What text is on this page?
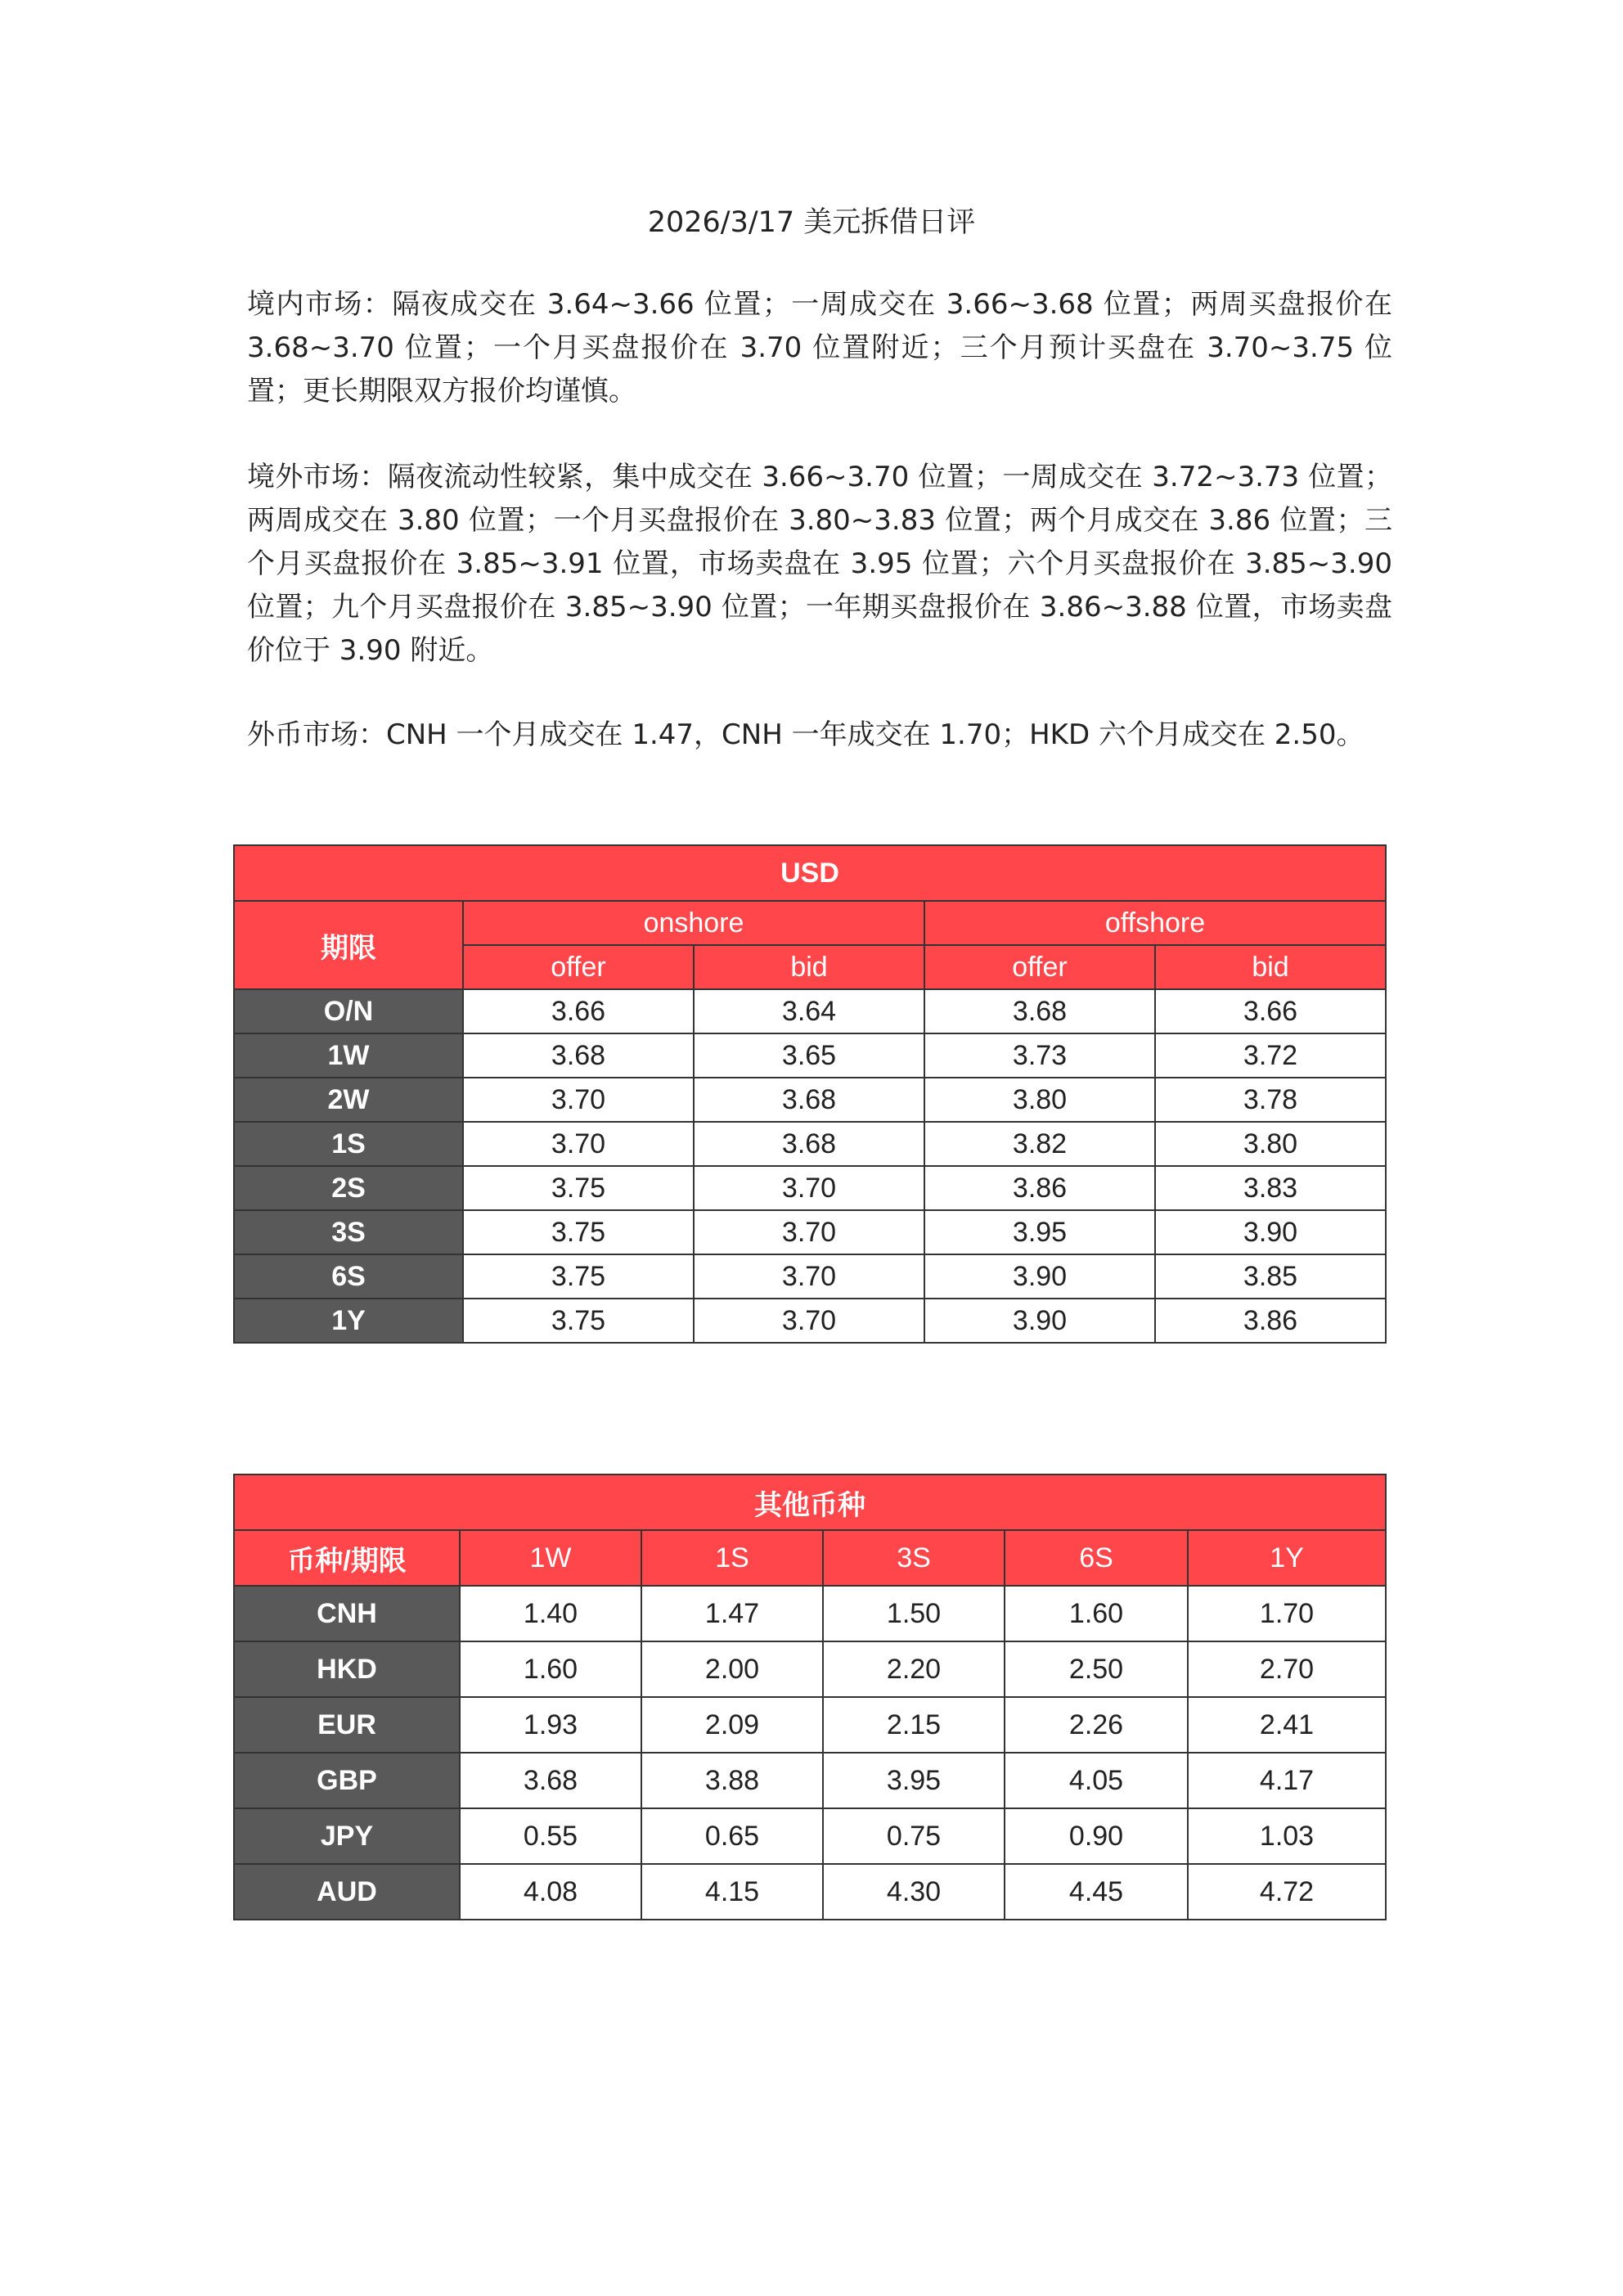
2026/3/17 美元拆借日评

境内市场：隔夜成交在 3.64~3.66 位置；一周成交在 3.66~3.68 位置；两周买盘报价在 3.68~3.70 位置；一个月买盘报价在 3.70 位置附近；三个月预计买盘在 3.70~3.75 位置；更长期限双方报价均谨慎。

境外市场：隔夜流动性较紧，集中成交在 3.66~3.70 位置；一周成交在 3.72~3.73 位置；两周成交在 3.80 位置；一个月买盘报价在 3.80~3.83 位置；两个月成交在 3.86 位置；三个月买盘报价在 3.85~3.91 位置，市场卖盘在 3.95 位置；六个月买盘报价在 3.85~3.90 位置；九个月买盘报价在 3.85~3.90 位置；一年期买盘报价在 3.86~3.88 位置，市场卖盘价位于 3.90 附近。

外币市场：CNH 一个月成交在 1.47，CNH 一年成交在 1.70；HKD 六个月成交在 2.50。

USD				
期限	onshore		offshore	
	offer	bid	offer	bid
O/N	3.66	3.64	3.68	3.66
1W	3.68	3.65	3.73	3.72
2W	3.70	3.68	3.80	3.78
1S	3.70	3.68	3.82	3.80
2S	3.75	3.70	3.86	3.83
3S	3.75	3.70	3.95	3.90
6S	3.75	3.70	3.90	3.85
1Y	3.75	3.70	3.90	3.86
其他币种					
币种/期限	1W	1S	3S	6S	1Y
CNH	1.40	1.47	1.50	1.60	1.70
HKD	1.60	2.00	2.20	2.50	2.70
EUR	1.93	2.09	2.15	2.26	2.41
GBP	3.68	3.88	3.95	4.05	4.17
JPY	0.55	0.65	0.75	0.90	1.03
AUD	4.08	4.15	4.30	4.45	4.72
